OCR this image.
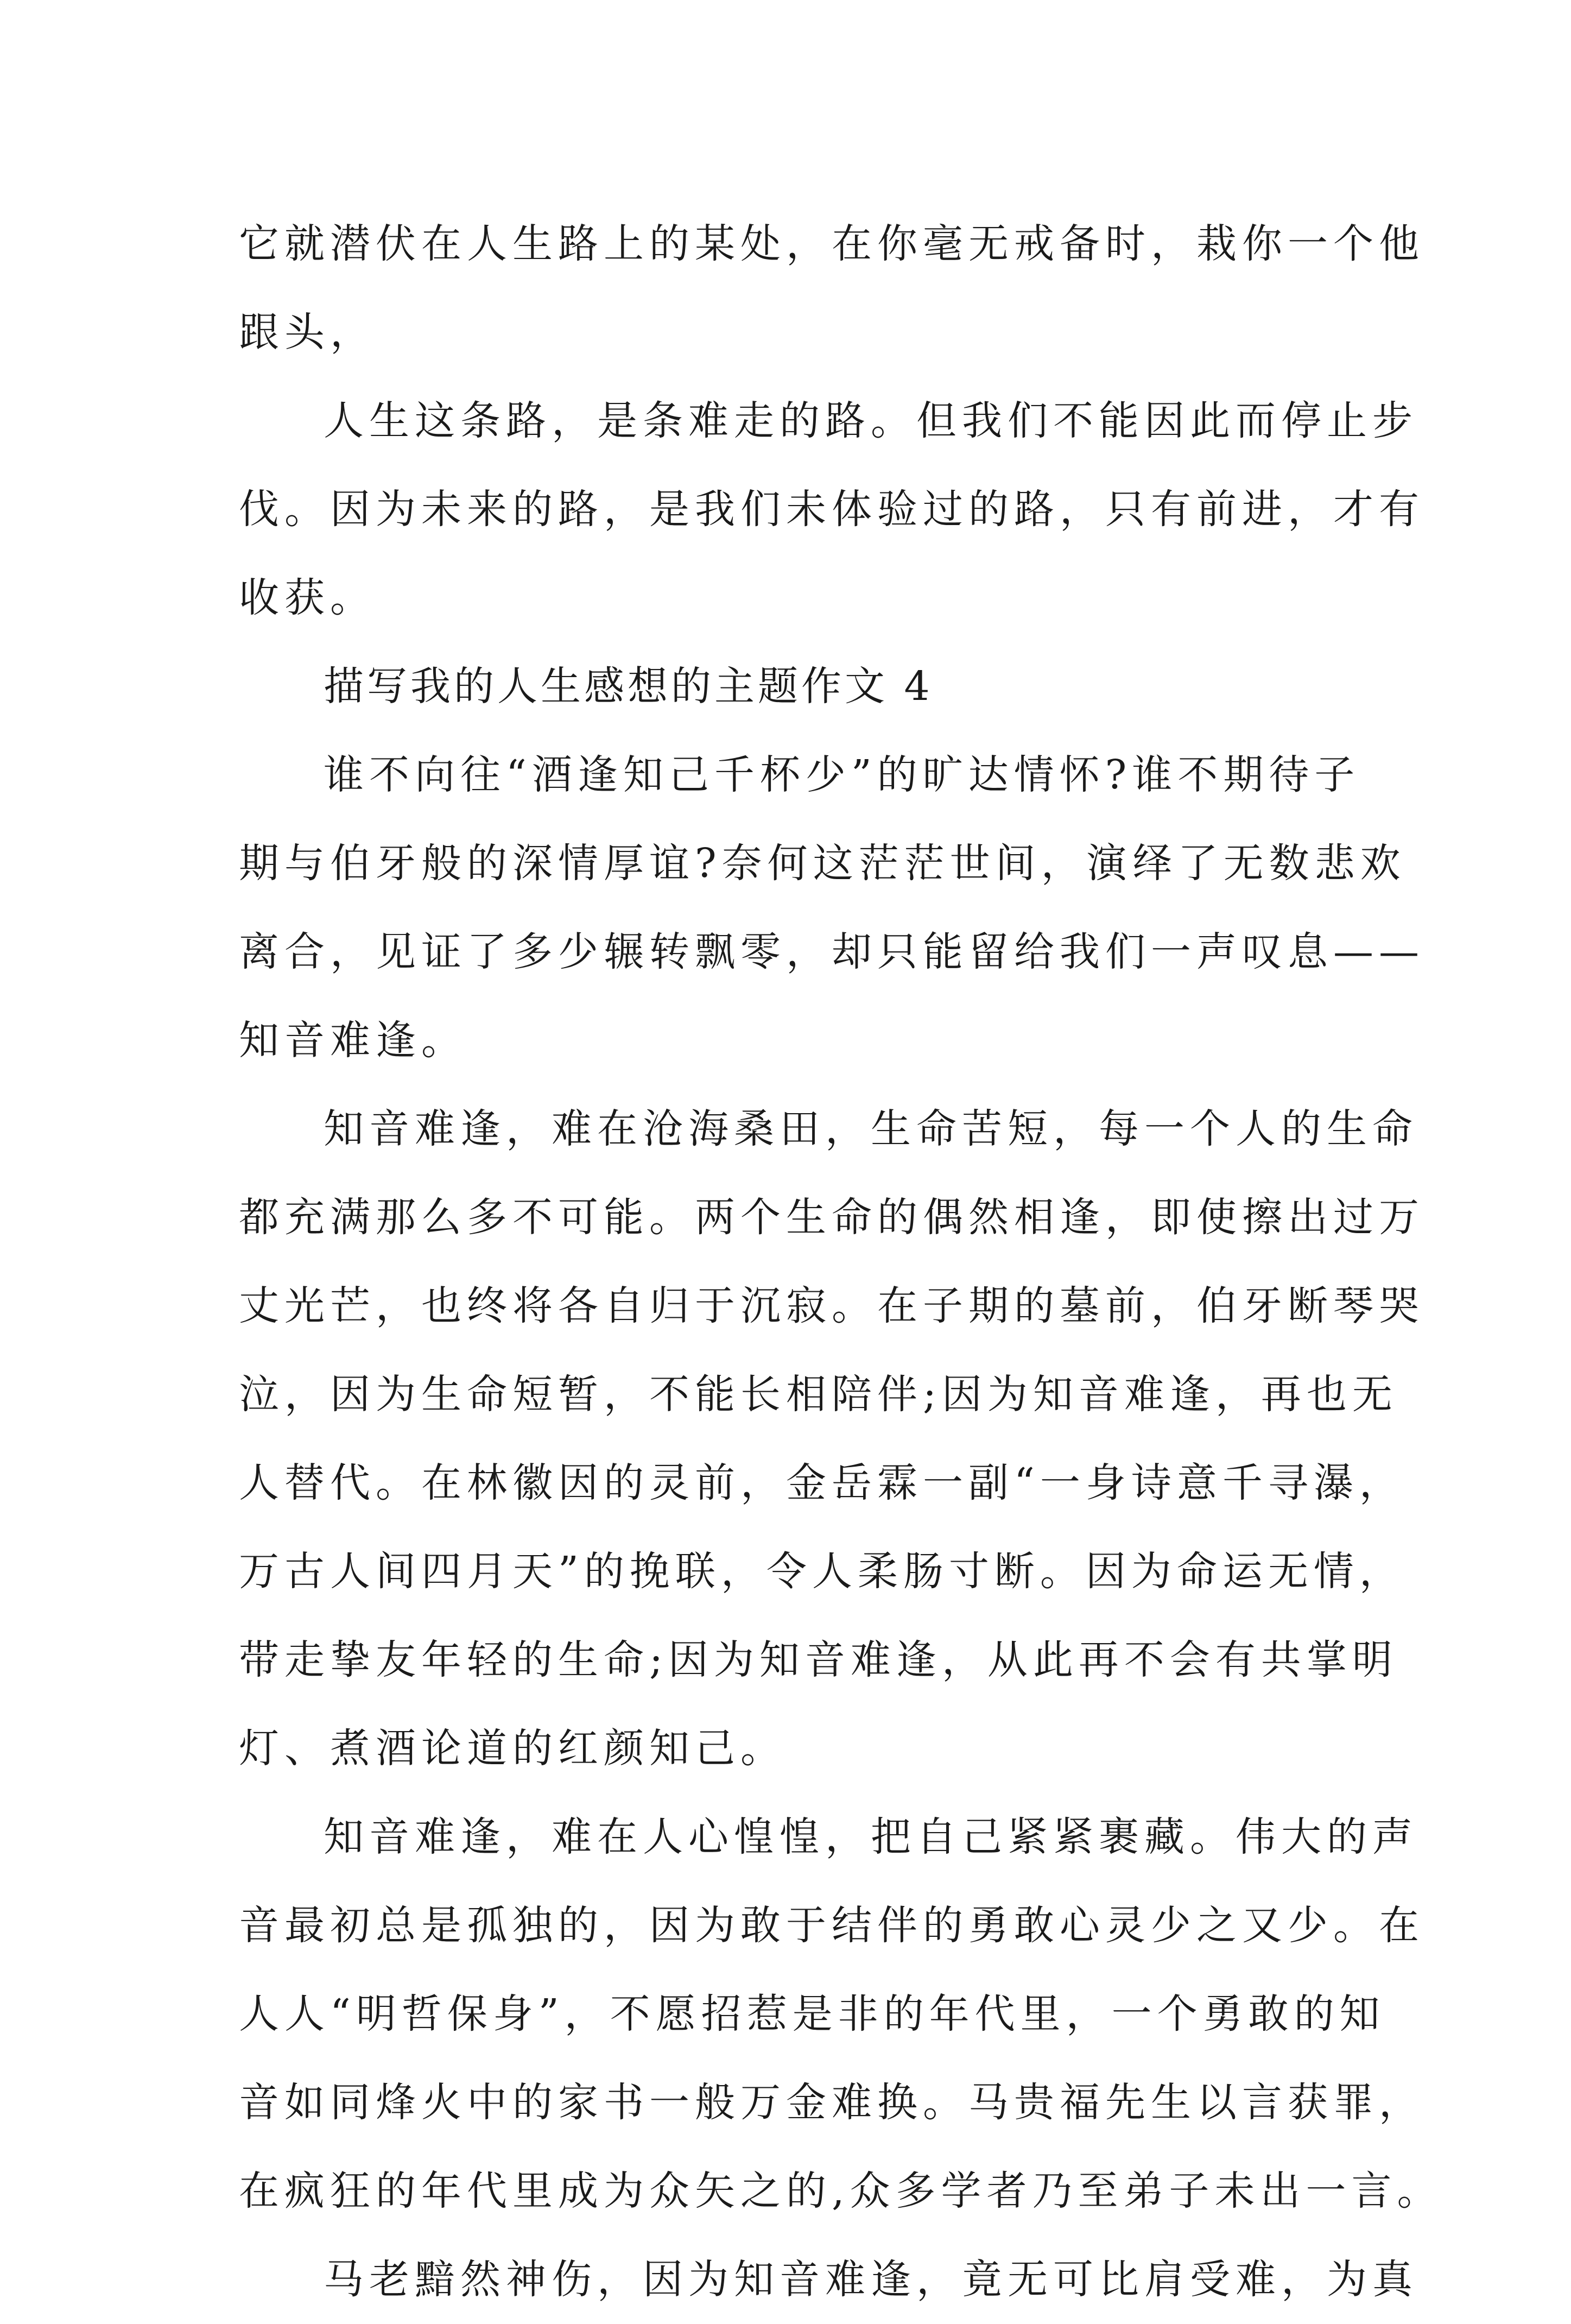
它就潜伏在人生路上的某处，在你毫无戒备时，栽你一个他
跟头，
人生这条路，是条难走的路。但我们不能因此而停止步
伐。因为未来的路，是我们未体验过的路，只有前进，才有
收获。
描写我的人生感想的主题作文 4
谁不向往“酒逢知己千杯少”的旷达情怀?谁不期待子
期与伯牙般的深情厚谊?奈何这茫茫世间，演绎了无数悲欢
离合，见证了多少辗转飘零，却只能留给我们一声叹息——
知音难逢。
知音难逢，难在沧海桑田，生命苦短，每一个人的生命
都充满那么多不可能。两个生命的偶然相逢，即使擦出过万
丈光芒，也终将各自归于沉寂。在子期的墓前，伯牙断琴哭
泣，因为生命短暂，不能长相陪伴;因为知音难逢，再也无
人替代。在林徽因的灵前，金岳霖一副“一身诗意千寻瀑，
万古人间四月天”的挽联，令人柔肠寸断。因为命运无情，
带走挚友年轻的生命;因为知音难逢，从此再不会有共掌明
灯、煮酒论道的红颜知己。
知音难逢，难在人心惶惶，把自己紧紧裹藏。伟大的声
音最初总是孤独的，因为敢于结伴的勇敢心灵少之又少。在
人人“明哲保身”，不愿招惹是非的年代里，一个勇敢的知
音如同烽火中的家书一般万金难换。马贵福先生以言获罪，
在疯狂的年代里成为众矢之的,众多学者乃至弟子未出一言。
马老黯然神伤，因为知音难逢，竟无可比肩受难，为真
